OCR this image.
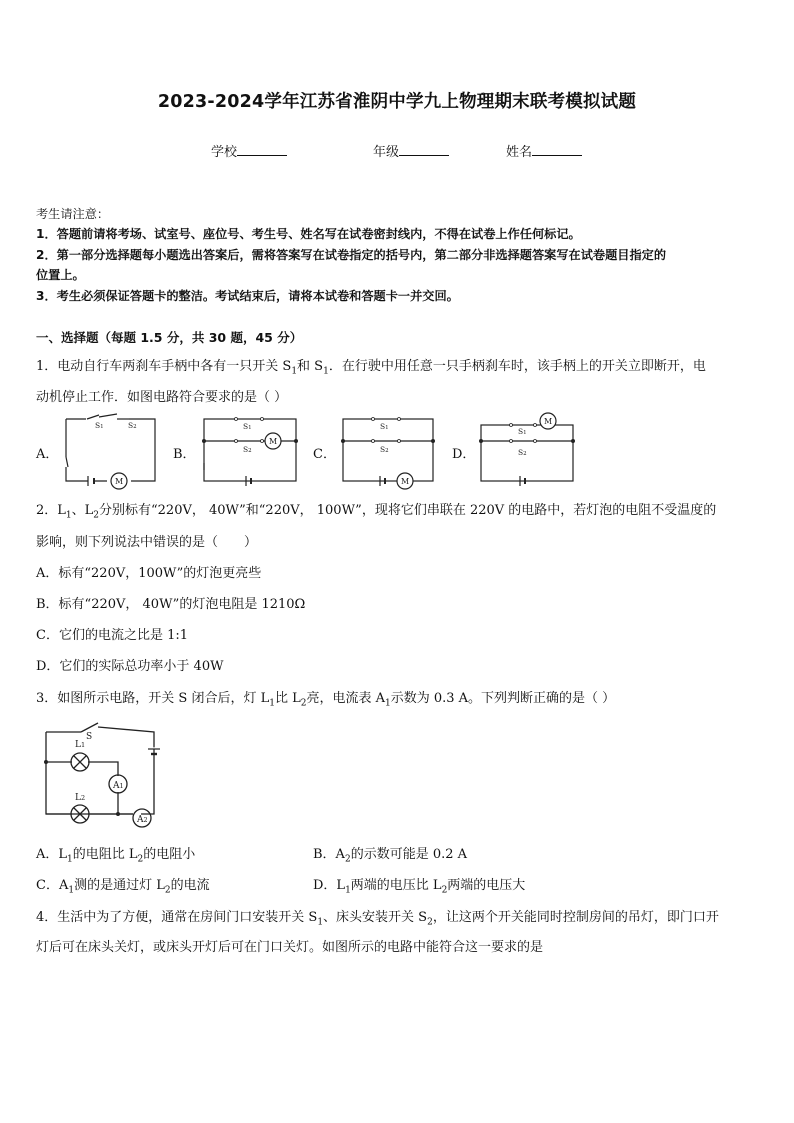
2023-2024学年江苏省淮阴中学九上物理期末联考模拟试题
学校	年级	姓名
考生请注意：
1．答题前请将考场、试室号、座位号、考生号、姓名写在试卷密封线内，不得在试卷上作任何标记。
2．第一部分选择题每小题选出答案后，需将答案写在试卷指定的括号内，第二部分非选择题答案写在试卷题目指定的
位置上。
3．考生必须保证答题卡的整洁。考试结束后，请将本试卷和答题卡一并交回。
一、选择题（每题 1.5 分，共 30 题，45 分）
1．电动自行车两刹车手柄中各有一只开关 $S_1$和 $S_1$．在行驶中用任意一只手柄刹车时，该手柄上的开关立即断开，电
动机停止工作．如图电路符合要求的是（ ）
A．	B．	C．	D．
S1	S2
M
S1
S2
M
S1
S2
M
S1
S2
M
2．$L_1$、$L_2$分别标有“220V， 40W”和“220V， 100W”，现将它们串联在 220V 的电路中，若灯泡的电阻不受温度的
影响，则下列说法中错误的是（　　）
A．标有“220V，100W”的灯泡更亮些
B．标有“220V， 40W”的灯泡电阻是 1210Ω
C．它们的电流之比是 1:1
D．它们的实际总功率小于 40W
3．如图所示电路，开关 S 闭合后，灯 $L_1$比 $L_2$亮，电流表 $A_1$示数为 0.3 A。下列判断正确的是（ ）
S
L1
L2
A1
A2
A．$L_1$的电阻比 $L_2$的电阻小	B．$A_2$的示数可能是 0.2 A
C．$A_1$测的是通过灯 $L_2$的电流	D．$L_1$两端的电压比 $L_2$两端的电压大
4．生活中为了方便，通常在房间门口安装开关 $S_1$、床头安装开关 $S_2$，让这两个开关能同时控制房间的吊灯，即门口开
灯后可在床头关灯，或床头开灯后可在门口关灯。如图所示的电路中能符合这一要求的是
